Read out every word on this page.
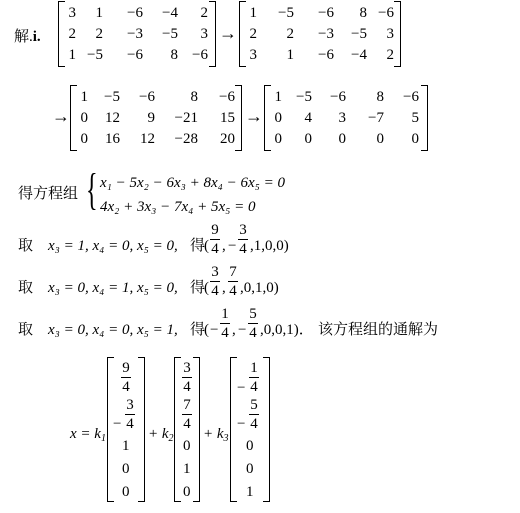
解.i.
3 1 −6 −4 2
2 2 −3 −5 3
1 −5 −6 8 −6
→
1 −5 −6 8 −6
2 2 −3 −5 3
3 1 −6 −4 2
→
1 −5 −6 8 −6
0 12 9 −21 15
0 16 12 −28 20
→
1 −5 −6 8 −6
0 4 3 −7 5
0 0 0 0 0
得方程组 { x₁ − 5x₂ − 6x₃ + 8x₄ − 6x₅ = 0
4x₂ + 3x₃ − 7x₄ + 5x₅ = 0
取 x₃ = 1, x₄ = 0, x₅ = 0, 得
(
9
4 , −
3
4 ,1,0,0)
取 x₃ = 0, x₄ = 1, x₅ = 0, 得
(
3
4 ,
7
4 ,0,1,0)
取 x₃ = 0, x₄ = 0, x₅ = 1, 得
( −
1
4 , −
5
4 ,0,0,1)． 该方程组的通解为
$x = k_1$
9
4
−
3
4
1
0
0
+ $k_2$
3
4
7
4
0
1
0
+ $k_3$
−
1
4
−
5
4
0
0
1
